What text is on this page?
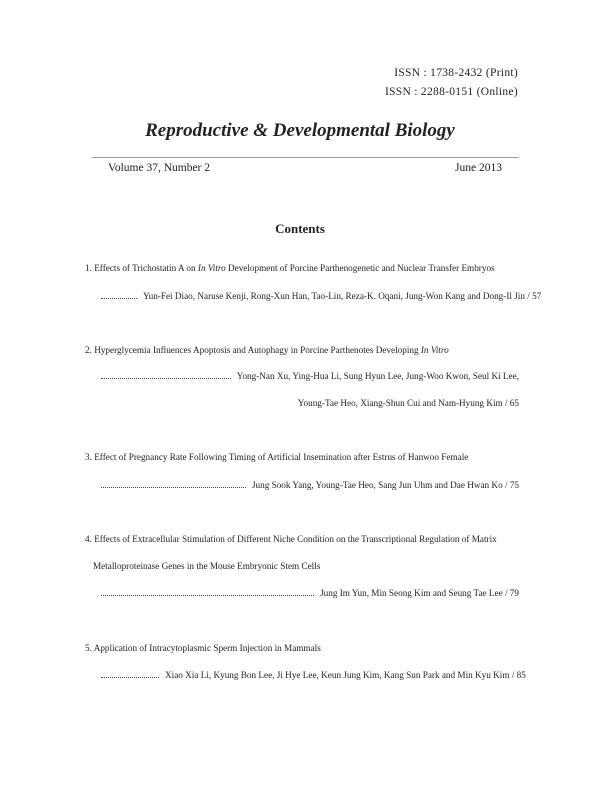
ISSN : 1738-2432 (Print)
ISSN : 2288-0151 (Online)
Reproductive & Developmental Biology
Volume 37, Number 2	June 2013
Contents
1. Effects of Trichostatin A on In Vitro Development of Porcine Parthenogenetic and Nuclear Transfer Embryos
Yun-Fei Diao, Naruse Kenji, Rong-Xun Han, Tao-Lin, Reza-K. Oqani, Jung-Won Kang and Dong-Il Jin / 57
2. Hyperglycemia Influences Apoptosis and Autophagy in Porcine Parthenotes Developing In Vitro
Yong-Nan Xu, Ying-Hua Li, Sung Hyun Lee, Jung-Woo Kwon, Seul Ki Lee,
Young-Tae Heo, Xiang-Shun Cui and Nam-Hyung Kim / 65
3. Effect of Pregnancy Rate Following Timing of Artificial Insemination after Estrus of Hanwoo Female
Jung Sook Yang, Young-Tae Heo, Sang Jun Uhm and Dae Hwan Ko / 75
4. Effects of Extracellular Stimulation of Different Niche Condition on the Transcriptional Regulation of Matrix
Metalloproteinase Genes in the Mouse Embryonic Stem Cells
Jung Im Yun, Min Seong Kim and Seung Tae Lee / 79
5. Application of Intracytoplasmic Sperm Injection in Mammals
Xiao Xia Li, Kyung Bon Lee, Ji Hye Lee, Keun Jung Kim, Kang Sun Park and Min Kyu Kim / 85
